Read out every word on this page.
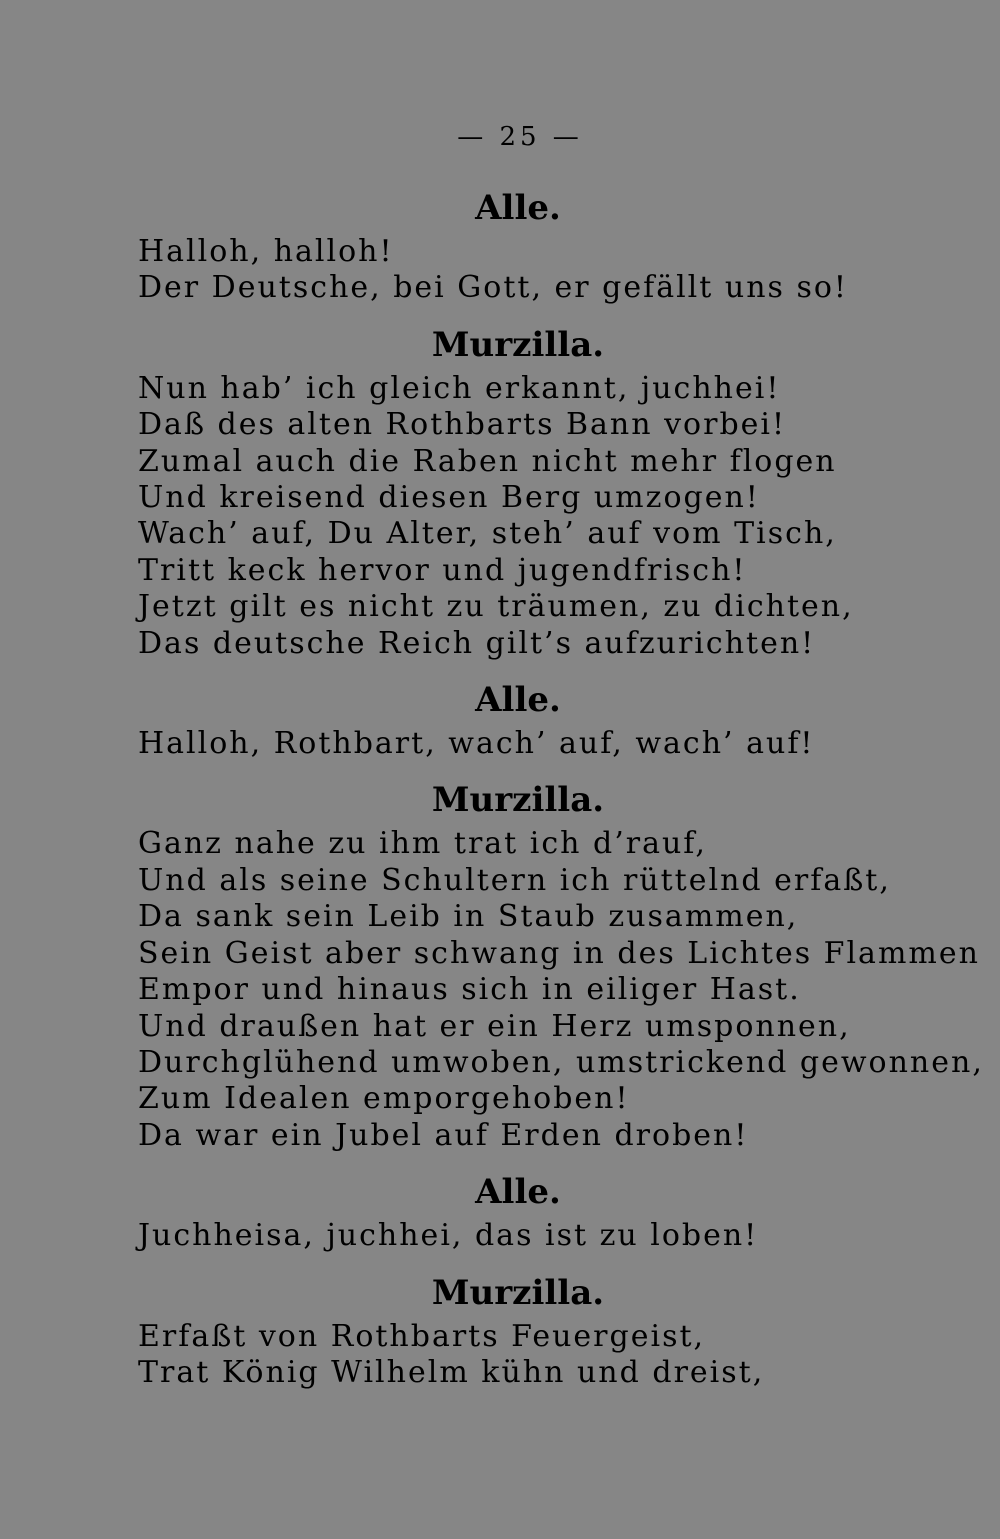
— 25 —
Alle.
Halloh, halloh!
Der Deutsche, bei Gott, er gefällt uns so!
Murzilla.
Nun hab’ ich gleich erkannt, juchhei!
Daß des alten Rothbarts Bann vorbei!
Zumal auch die Raben nicht mehr flogen
Und kreisend diesen Berg umzogen!
Wach’ auf, Du Alter, steh’ auf vom Tisch,
Tritt keck hervor und jugendfrisch!
Jetzt gilt es nicht zu träumen, zu dichten,
Das deutsche Reich gilt’s aufzurichten!
Alle.
Halloh, Rothbart, wach’ auf, wach’ auf!
Murzilla.
Ganz nahe zu ihm trat ich d’rauf,
Und als seine Schultern ich rüttelnd erfaßt,
Da sank sein Leib in Staub zusammen,
Sein Geist aber schwang in des Lichtes Flammen
Empor und hinaus sich in eiliger Hast.
Und draußen hat er ein Herz umsponnen,
Durchglühend umwoben, umstrickend gewonnen,
Zum Idealen emporgehoben!
Da war ein Jubel auf Erden droben!
Alle.
Juchheisa, juchhei, das ist zu loben!
Murzilla.
Erfaßt von Rothbarts Feuergeist,
Trat König Wilhelm kühn und dreist,
